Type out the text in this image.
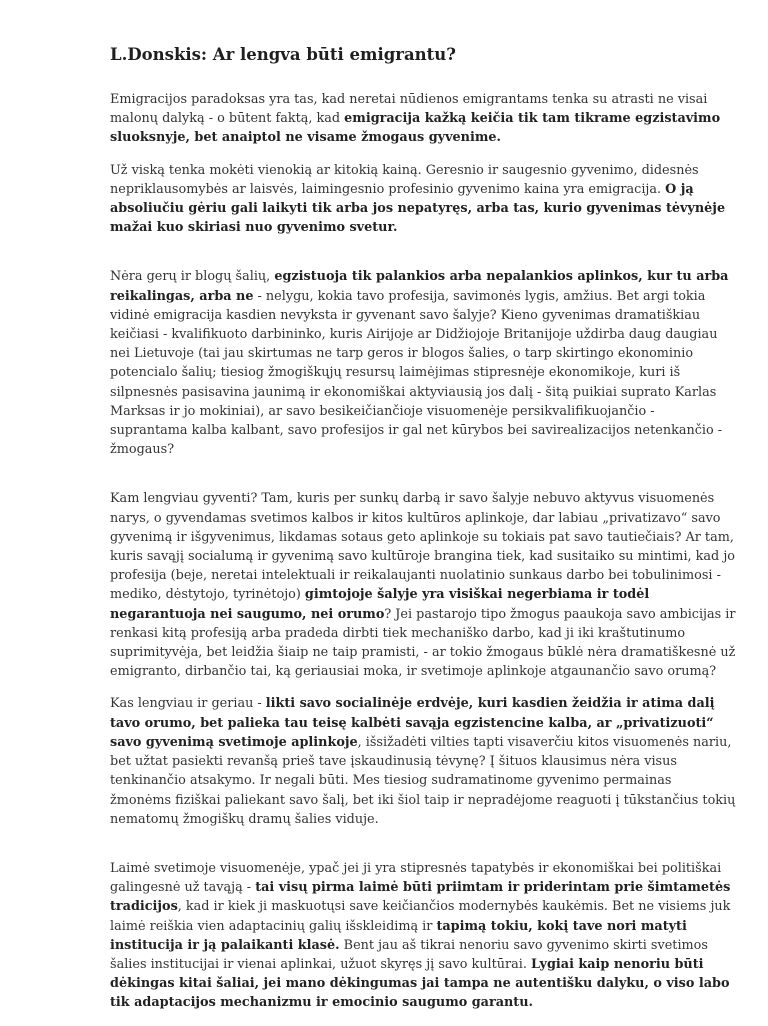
L.Donskis: Ar lengva būti emigrantu?

Emigracijos paradoksas yra tas, kad neretai nūdienos emigrantams tenka su atrasti ne visai malonų dalyką - o būtent faktą, kad emigracija kažką keičia tik tam tikrame egzistavimo sluoksnyje, bet anaiptol ne visame žmogaus gyvenime.

Už viską tenka mokėti vienokią ar kitokią kainą. Geresnio ir saugesnio gyvenimo, didesnės nepriklausomybės ar laisvės, laimingesnio profesinio gyvenimo kaina yra emigracija. O ją absoliučiu gėriu gali laikyti tik arba jos nepatyręs, arba tas, kurio gyvenimas tėvynėje mažai kuo skiriasi nuo gyvenimo svetur.

Nėra gerų ir blogų šalių, egzistuoja tik palankios arba nepalankios aplinkos, kur tu arba reikalingas, arba ne - nelygu, kokia tavo profesija, savimonės lygis, amžius. Bet argi tokia vidinė emigracija kasdien nevyksta ir gyvenant savo šalyje? Kieno gyvenimas dramatiškiau keičiasi - kvalifikuoto darbininko, kuris Airijoje ar Didžiojoje Britanijoje uždirba daug daugiau nei Lietuvoje (tai jau skirtumas ne tarp geros ir blogos šalies, o tarp skirtingo ekonominio potencialo šalių; tiesiog žmogiškųjų resursų laimėjimas stipresnėje ekonomikoje, kuri iš silpnesnės pasisavina jaunimą ir ekonomiškai aktyviausią jos dalį - šitą puikiai suprato Karlas Marksas ir jo mokiniai), ar savo besikeičiančioje visuomenėje persikvalifikuojančio - suprantama kalba kalbant, savo profesijos ir gal net kūrybos bei savirealizacijos netenkančio - žmogaus?

Kam lengviau gyventi? Tam, kuris per sunkų darbą ir savo šalyje nebuvo aktyvus visuomenės narys, o gyvendamas svetimos kalbos ir kitos kultūros aplinkoje, dar labiau „privatizavo“ savo gyvenimą ir išgyvenimus, likdamas sotaus geto aplinkoje su tokiais pat savo tautiečiais? Ar tam, kuris savąjį socialumą ir gyvenimą savo kultūroje brangina tiek, kad susitaiko su mintimi, kad jo profesija (beje, neretai intelektuali ir reikalaujanti nuolatinio sunkaus darbo bei tobulinimosi - mediko, dėstytojo, tyrinėtojo) gimtojoje šalyje yra visiškai negerbiama ir todėl negarantuoja nei saugumo, nei orumo? Jei pastarojo tipo žmogus paaukoja savo ambicijas ir renkasi kitą profesiją arba pradeda dirbti tiek mechaniško darbo, kad ji iki kraštutinumo suprimityvėja, bet leidžia šiaip ne taip pramisti, - ar tokio žmogaus būklė nėra dramatiškesnė už emigranto, dirbančio tai, ką geriausiai moka, ir svetimoje aplinkoje atgaunančio savo orumą?

Kas lengviau ir geriau - likti savo socialinėje erdvėje, kuri kasdien žeidžia ir atima dalį tavo orumo, bet palieka tau teisę kalbėti savąja egzistencine kalba, ar „privatizuoti“ savo gyvenimą svetimoje aplinkoje, išsižadėti vilties tapti visaverčiu kitos visuomenės nariu, bet užtat pasiekti revanšą prieš tave įskaudinusią tėvynę? Į šituos klausimus nėra visus tenkinančio atsakymo. Ir negali būti. Mes tiesiog sudramatinome gyvenimo permainas žmonėms fiziškai paliekant savo šalį, bet iki šiol taip ir nepradėjome reaguoti į tūkstančius tokių nematomų žmogiškų dramų šalies viduje.

Laimė svetimoje visuomenėje, ypač jei ji yra stipresnės tapatybės ir ekonomiškai bei politiškai galingesnė už tavąją - tai visų pirma laimė būti priimtam ir priderintam prie šimtametės tradicijos, kad ir kiek ji maskuotųsi save keičiančios modernybės kaukėmis. Bet ne visiems juk laimė reiškia vien adaptacinių galių išskleidimą ir tapimą tokiu, kokį tave nori matyti institucija ir ją palaikanti klasė. Bent jau aš tikrai nenoriu savo gyvenimo skirti svetimos šalies institucijai ir vienai aplinkai, užuot skyręs jį savo kultūrai. Lygiai kaip nenoriu būti dėkingas kitai šaliai, jei mano dėkingumas jai tampa ne autentišku dalyku, o viso labo tik adaptacijos mechanizmu ir emocinio saugumo garantu.
